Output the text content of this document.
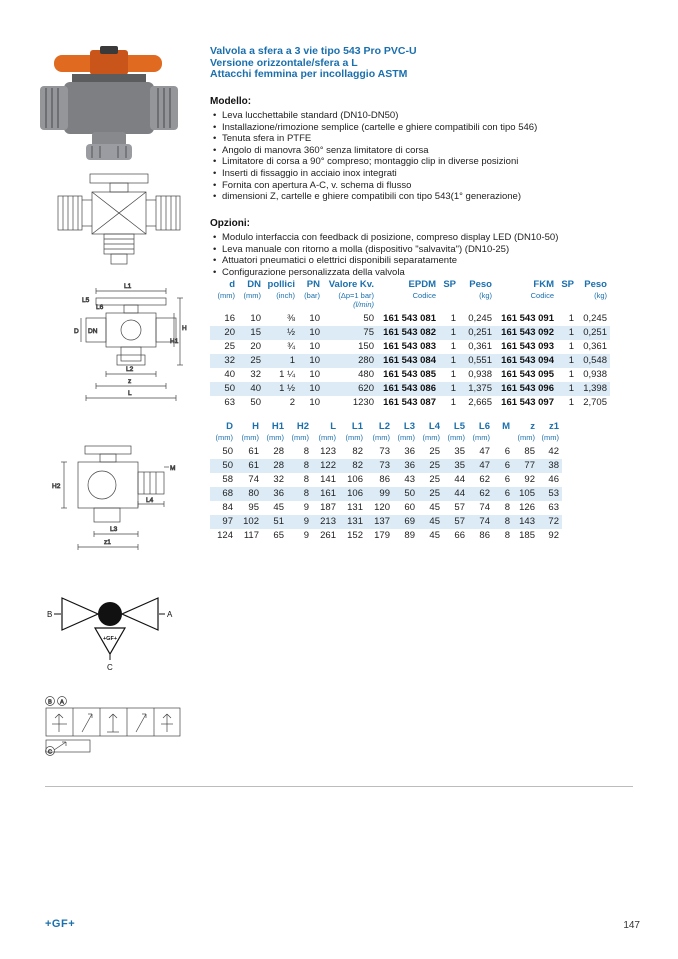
L1
L5
L6
D DN	H
H1
L2
z
L
H2
M
L4
L3
z1
+GF+
B	A
C
B A
C
Valvola a sfera a 3 vie tipo 543 Pro PVC-U
Versione orizzontale/sfera a L
Attacchi femmina per incollaggio ASTM
Modello:
• Leva lucchettabile standard (DN10-DN50)
• Installazione/rimozione semplice (cartelle e ghiere compatibili con tipo 546)
• Tenuta sfera in PTFE
• Angolo di manovra 360° senza limitatore di corsa
• Limitatore di corsa a 90° compreso; montaggio clip in diverse posizioni
• Inserti di fissaggio in acciaio inox integrati
• Fornita con apertura A-C, v. schema di flusso
• dimensioni Z, cartelle e ghiere compatibili con tipo 543(1° generazione)
Opzioni:
• Modulo interfaccia con feedback di posizione, compreso display LED (DN10-50)
• Leva manuale con ritorno a molla (dispositivo "salvavita") (DN10-25)
• Attuatori pneumatici o elettrici disponibili separatamente
• Configurazione personalizzata della valvola
d
(mm)

DN
(mm)

pollici
(inch)

PN
(bar)

Valore Kv.
(Δp=1 bar)
(l/min)

EPDM
Codice

SP	Peso
(kg)

FKM
Codice

SP	Peso
(kg)

16	10	⅜	10	50	161 543 081	1	0,245	161 543 091	1	0,245
20	15	½	10	75	161 543 082	1	0,251	161 543 092	1	0,251
25	20	¾	10	150	161 543 083	1	0,361	161 543 093	1	0,361
32	25	1	10	280	161 543 084	1	0,551	161 543 094	1	0,548
40	32	1 ¼	10	480	161 543 085	1	0,938	161 543 095	1	0,938
50	40	1 ½	10	620	161 543 086	1	1,375	161 543 096	1	1,398
63	50	2	10	1230	161 543 087	1	2,665	161 543 097	1	2,705
D
(mm)

H
(mm)

H1
(mm)

H2
(mm)

L
(mm)

L1
(mm)

L2
(mm)

L3
(mm)

L4
(mm)

L5
(mm)

L6
(mm)

M	z
(mm)

z1
(mm)

50	61	28	8	123	82	73	36	25	35	47	6	85	42
50	61	28	8	122	82	73	36	25	35	47	6	77	38
58	74	32	8	141	106	86	43	25	44	62	6	92	46
68	80	36	8	161	106	99	50	25	44	62	6	105	53
84	95	45	9	187	131	120	60	45	57	74	8	126	63
97	102	51	9	213	131	137	69	45	57	74	8	143	72
124	117	65	9	261	152	179	89	45	66	86	8	185	92
+GF+	147
